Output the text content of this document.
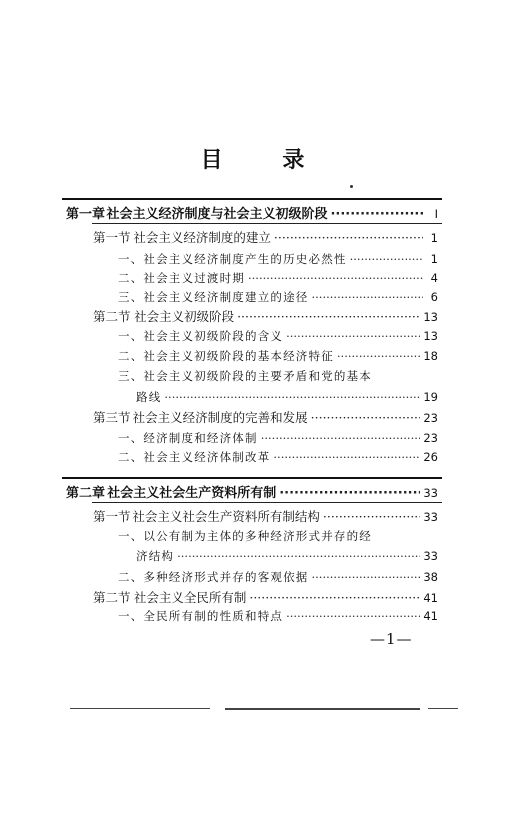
目 录
第一章 社会主义经济制度与社会主义初级阶段 ·····	I
第一节 社会主义经济制度的建立 ·····	1
一、社会主义经济制度产生的历史必然性 ·····	1
二、社会主义过渡时期 ·····	4
三、社会主义经济制度建立的途径 ·····	6
第二节 社会主义初级阶段 ·····	13
一、社会主义初级阶段的含义 ·····	13
二、社会主义初级阶段的基本经济特征 ·····	18
三、社会主义初级阶段的主要矛盾和党的基本
路线 ·····	19
第三节 社会主义经济制度的完善和发展 ·····	23
一、经济制度和经济体制 ·····	23
二、社会主义经济体制改革 ·····	26
第二章 社会主义社会生产资料所有制 ·····	33
第一节 社会主义社会生产资料所有制结构 ·····	33
一、以公有制为主体的多种经济形式并存的经
济结构 ·····	33
二、多种经济形式并存的客观依据 ·····	38
第二节 社会主义全民所有制 ·····	41
一、全民所有制的性质和特点 ·····	41
—1—
